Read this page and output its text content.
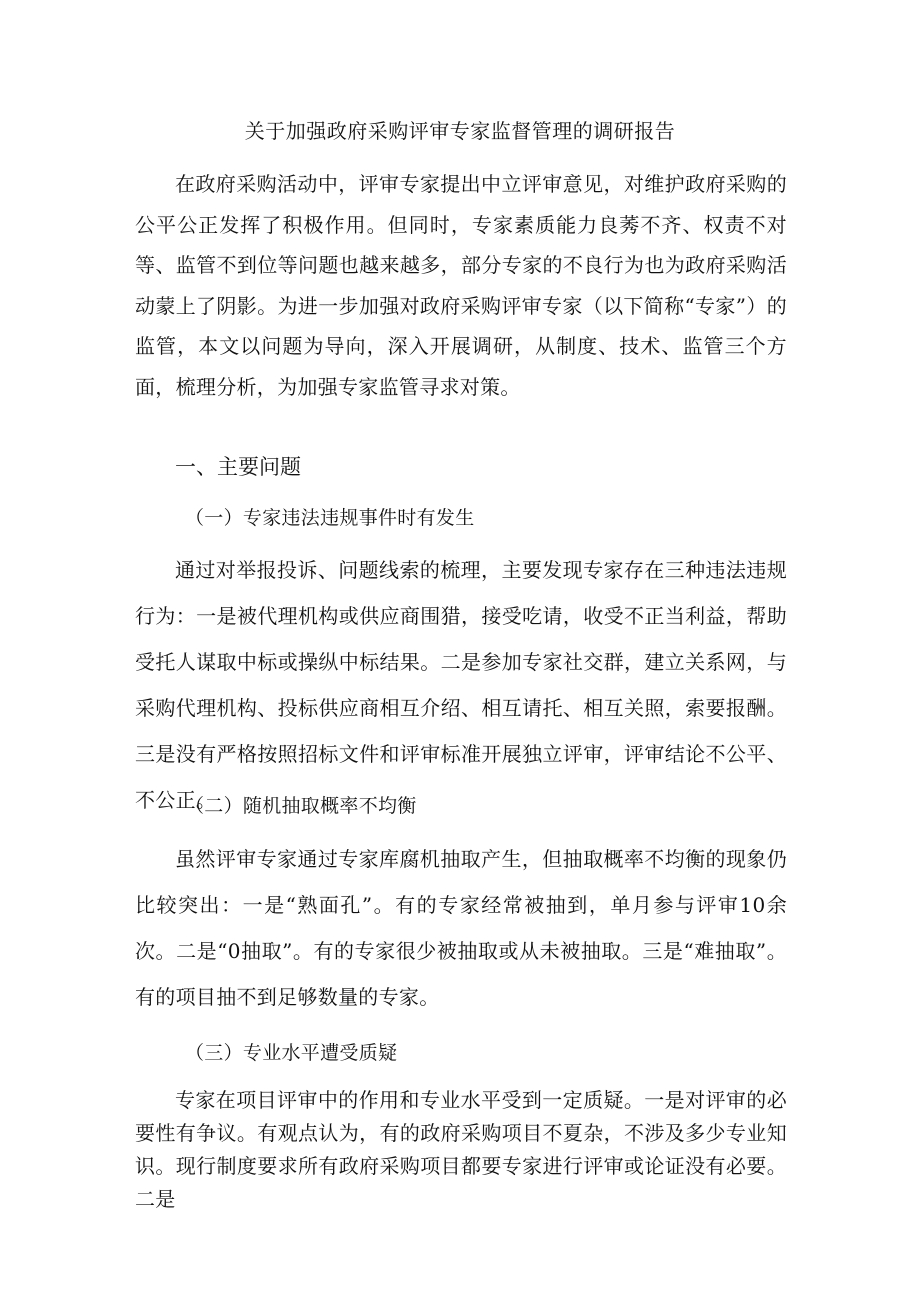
关于加强政府采购评审专家监督管理的调研报告

在政府采购活动中，评审专家提出中立评审意见，对维护政府采购的公平公正发挥了积极作用。但同时，专家素质能力良莠不齐、权责不对等、监管不到位等问题也越来越多，部分专家的不良行为也为政府采购活动蒙上了阴影。为进一步加强对政府采购评审专家（以下简称“专家”）的监管，本文以问题为导向，深入开展调研，从制度、技术、监管三个方面，梳理分析，为加强专家监管寻求对策。

一、主要问题
（一）专家违法违规事件时有发生

通过对举报投诉、问题线索的梳理，主要发现专家存在三种违法违规行为：一是被代理机构或供应商围猎，接受吃请，收受不正当利益，帮助受托人谋取中标或操纵中标结果。二是参加专家社交群，建立关系网，与采购代理机构、投标供应商相互介绍、相互请托、相互关照，索要报酬。三是没有严格按照招标文件和评审标准开展独立评审，评审结论不公平、不公正。

（二）随机抽取概率不均衡

虽然评审专家通过专家库腐机抽取产生，但抽取概率不均衡的现象仍比较突出：一是“熟面孔”。有的专家经常被抽到，单月参与评审10余次。二是“0抽取”。有的专家很少被抽取或从未被抽取。三是“难抽取”。有的项目抽不到足够数量的专家。

（三）专业水平遭受质疑

专家在项目评审中的作用和专业水平受到一定质疑。一是对评审的必要性有争议。有观点认为，有的政府采购项目不夏杂，不涉及多少专业知识。现行制度要求所有政府采购项目都要专家进行评审或论证没有必要。二是
